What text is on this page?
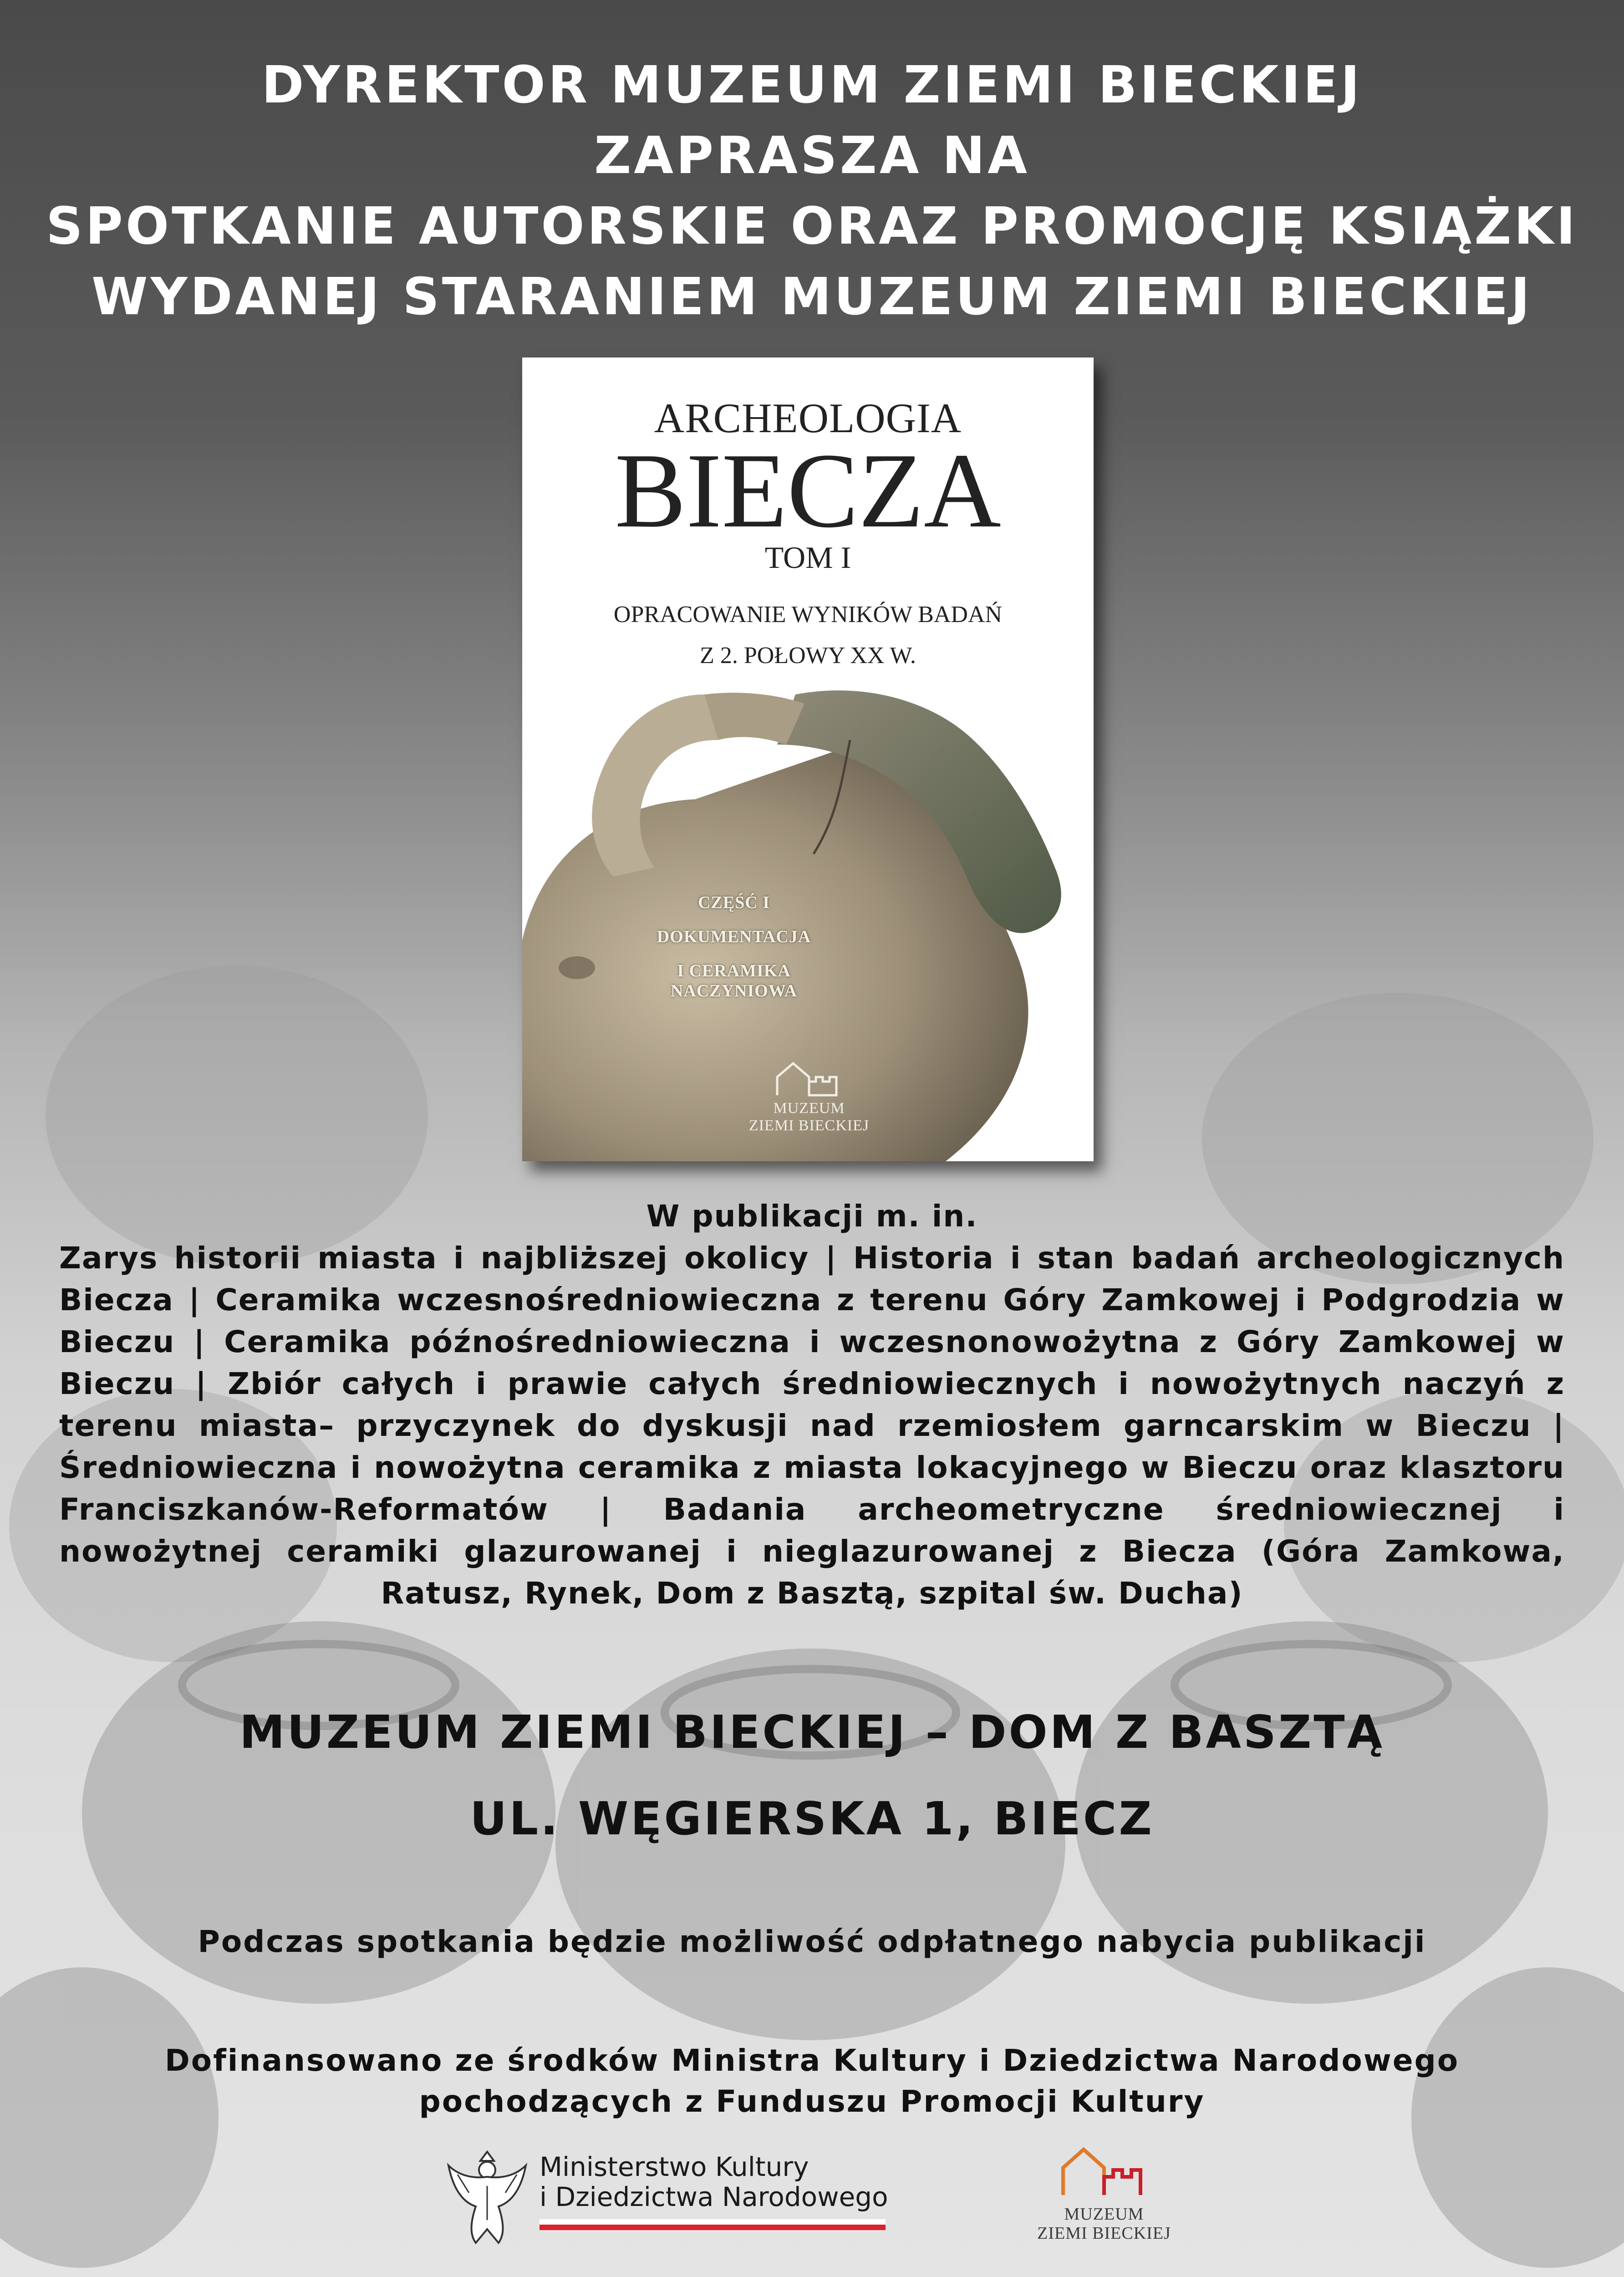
DYREKTOR MUZEUM ZIEMI BIECKIEJ
ZAPRASZA NA
SPOTKANIE AUTORSKIE ORAZ PROMOCJĘ KSIĄŻKI
WYDANEJ STARANIEM MUZEUM ZIEMI BIECKIEJ
ARCHEOLOGIA
BIECZA
TOM I
OPRACOWANIE WYNIKÓW BADAŃ
Z 2. POŁOWY XX W.
CZĘŚĆ I
DOKUMENTACJA
I CERAMIKA NACZYNIOWA
MUZEUM
ZIEMI BIECKIEJ
W publikacji m. in.
Zarys historii miasta i najbliższej okolicy | Historia i stan badań archeologicznych Biecza | Ceramika wczesnośredniowieczna z terenu Góry Zamkowej i Podgrodzia w Bieczu | Ceramika późnośredniowieczna i wczesnonowożytna z Góry Zamkowej w Bieczu | Zbiór całych i prawie całych średniowiecznych i nowożytnych naczyń z terenu miasta– przyczynek do dyskusji nad rzemiosłem garncarskim w Bieczu | Średniowieczna i nowożytna ceramika z miasta lokacyjnego w Bieczu oraz klasztoru Franciszkanów-Reformatów | Badania archeometryczne średniowiecznej i nowożytnej ceramiki glazurowanej i nieglazurowanej z Biecza (Góra Zamkowa, Ratusz, Rynek, Dom z Basztą, szpital św. Ducha)
MUZEUM ZIEMI BIECKIEJ – DOM Z BASZTĄ
UL. WĘGIERSKA 1, BIECZ
Podczas spotkania będzie możliwość odpłatnego nabycia publikacji
Dofinansowano ze środków Ministra Kultury i Dziedzictwa Narodowego
pochodzących z Funduszu Promocji Kultury
Ministerstwo Kultury
i Dziedzictwa Narodowego
MUZEUM
ZIEMI BIECKIEJ
